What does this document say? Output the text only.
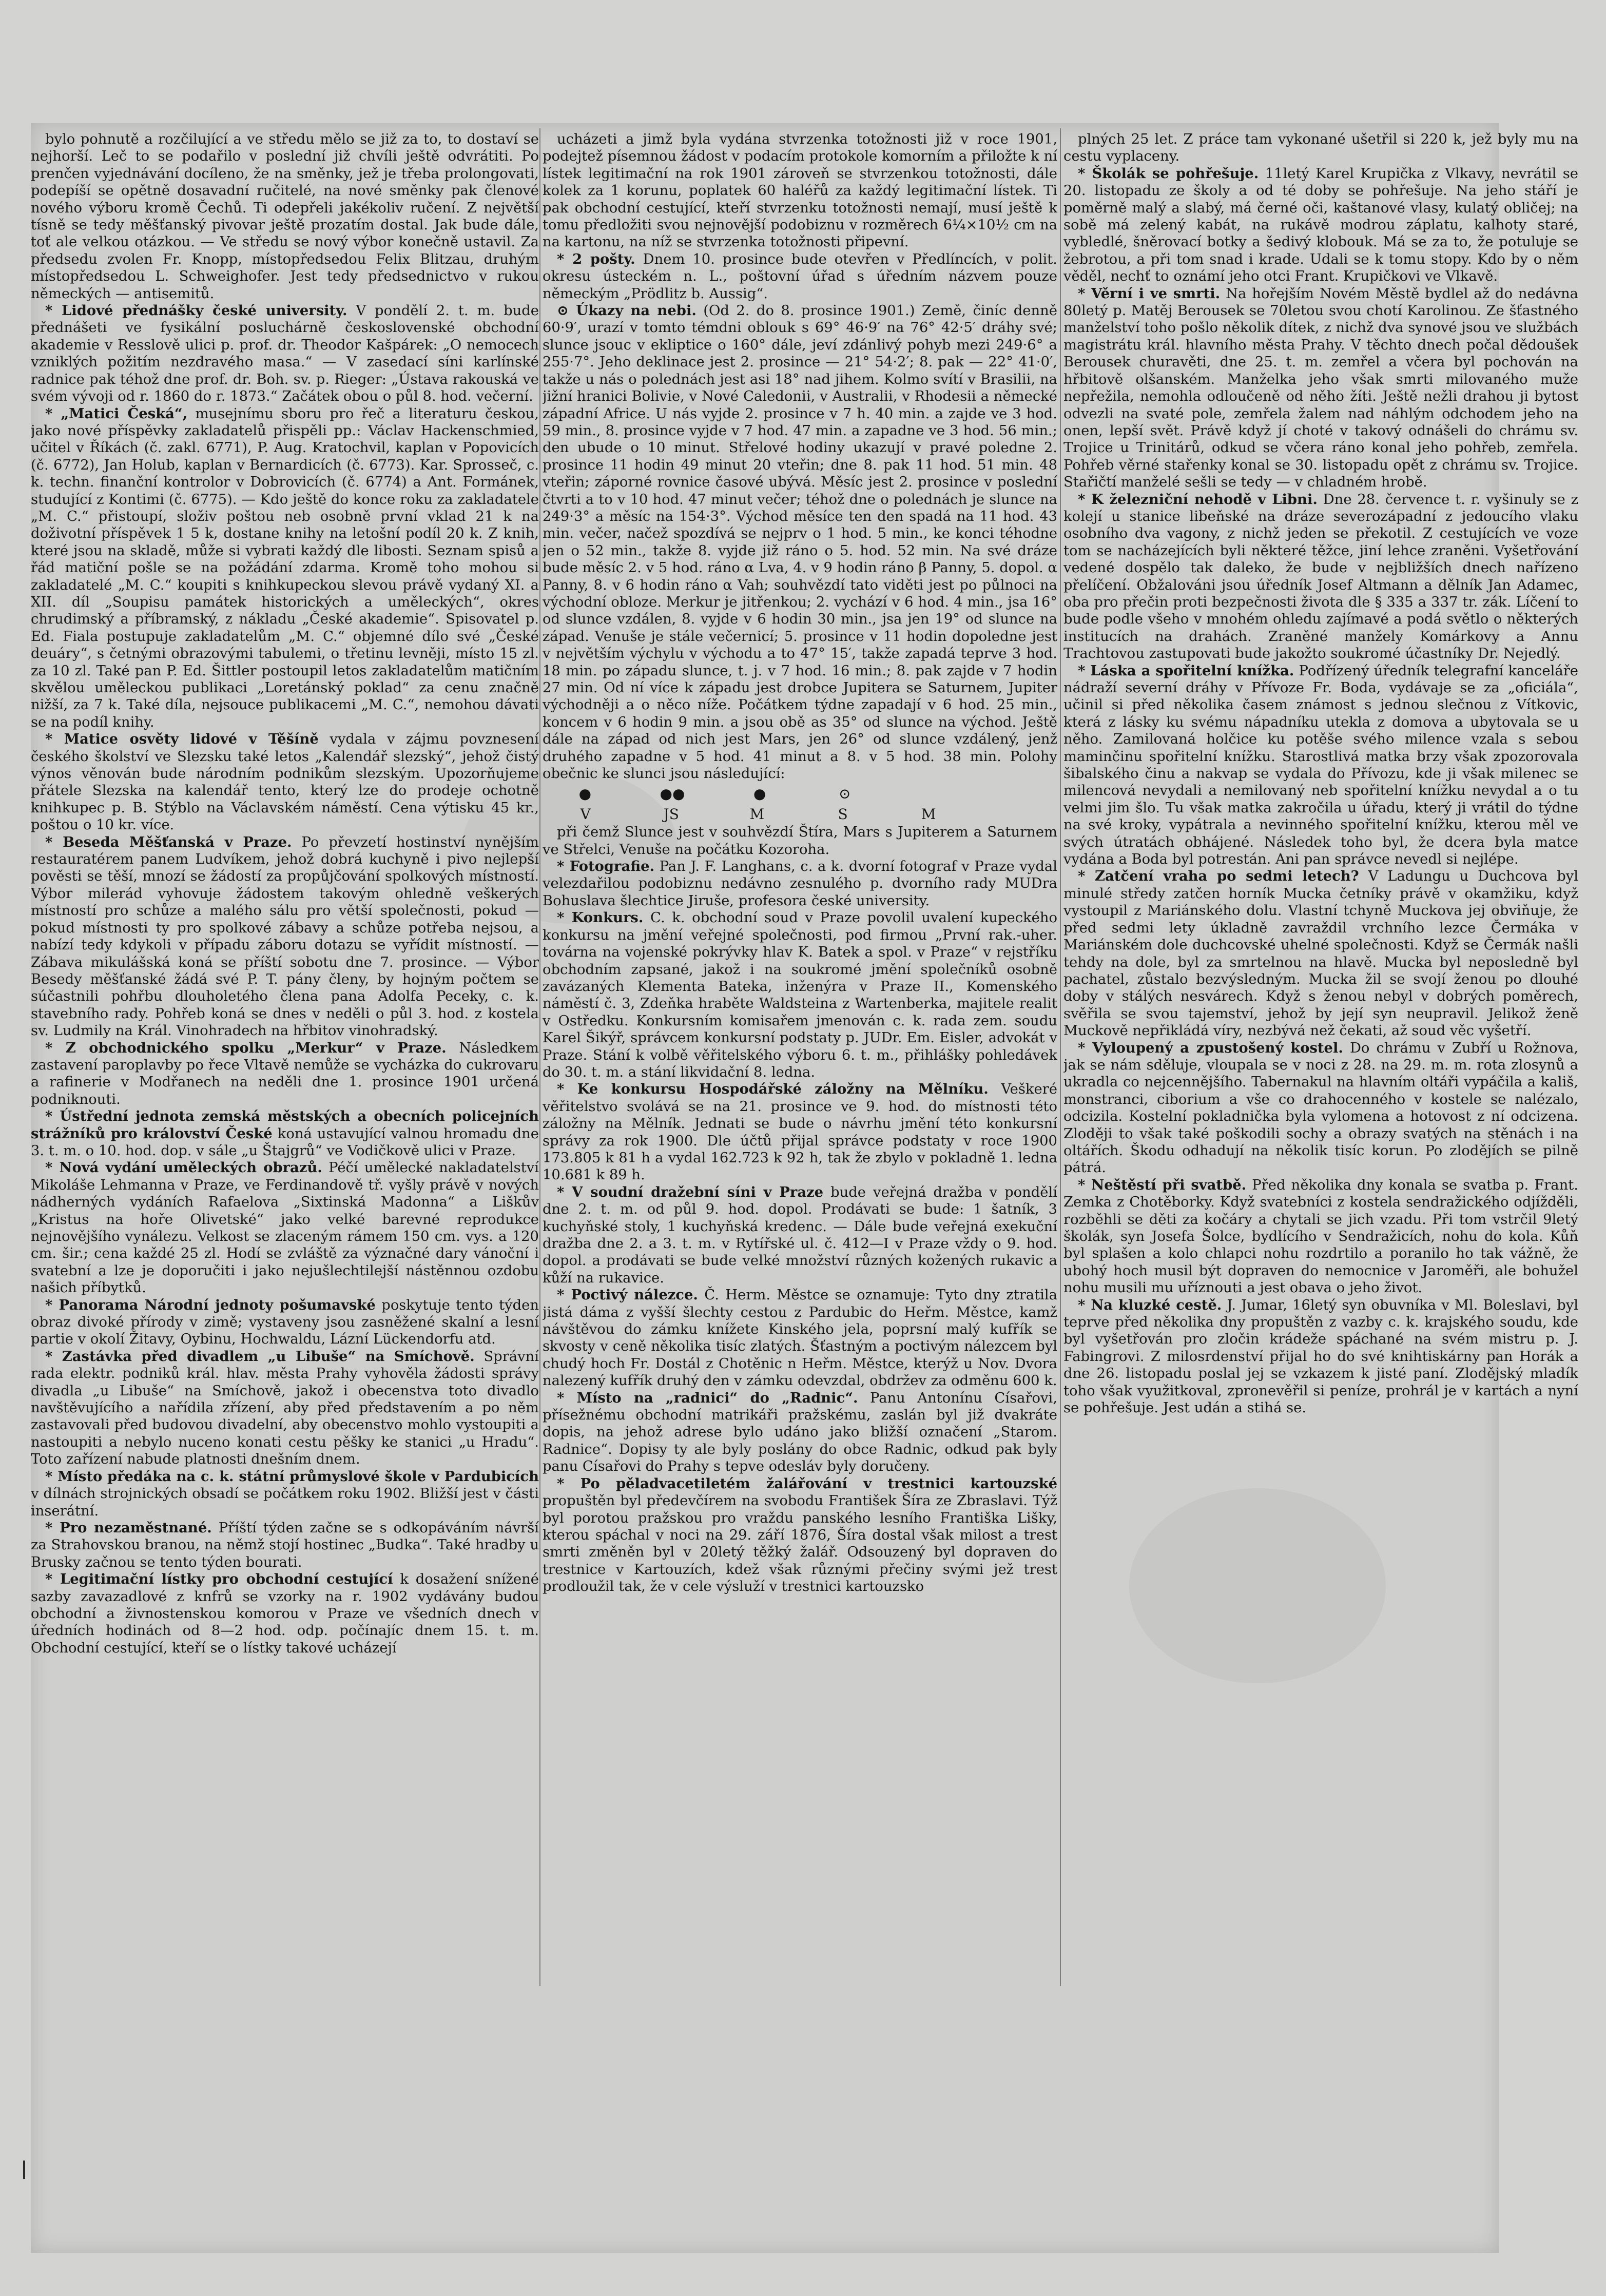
bylo pohnutě a rozčilující a ve středu mělo se již za to, to dostaví se nejhorší. Leč to se podařilo v poslední již chvíli ještě odvrátiti. Po prenčen vyjednávání docíleno, že na směnky, jež je třeba prolongovati, podepíší se opětně dosavadní ručitelé, na nové směnky pak členové nového výboru kromě Čechů. Ti odepřeli jakékoliv ručení. Z největší tísně se tedy měšťanský pivovar ještě prozatím dostal. Jak bude dále, toť ale velkou otázkou. — Ve středu se nový výbor konečně ustavil. Za předsedu zvolen Fr. Knopp, místopředsedou Felix Blitzau, druhým místopředsedou L. Schweighofer. Jest tedy předsednictvo v rukou německých — antisemitů.

* Lidové přednášky české university. V pondělí 2. t. m. bude přednášeti ve fysikální posluchárně československé obchodní akademie v Resslově ulici p. prof. dr. Theodor Kašpárek: „O nemocech vzniklých požitím nezdravého masa.“ — V zasedací síni karlínské radnice pak téhož dne prof. dr. Boh. sv. p. Rieger: „Ústava rakouská ve svém vývoji od r. 1860 do r. 1873.“ Začátek obou o půl 8. hod. večerní.

* „Matici Česká“, musejnímu sboru pro řeč a literaturu českou, jako nové příspěvky zakladatelů přispěli pp.: Václav Hackenschmied, učitel v Říkách (č. zakl. 6771), P. Aug. Kratochvil, kaplan v Popovicích (č. 6772), Jan Holub, kaplan v Bernardicích (č. 6773). Kar. Sprosseč, c. k. techn. finanční kontrolor v Dobrovicích (č. 6774) a Ant. Formánek, studující z Kontimi (č. 6775). — Kdo ještě do konce roku za zakladatele „M. C.“ přistoupí, složiv poštou neb osobně první vklad 21 k na doživotní příspěvek 1 5 k, dostane knihy na letošní podíl 20 k. Z knih, které jsou na skladě, může si vybrati každý dle libosti. Seznam spisů a řád matiční pošle se na požádání zdarma. Kromě toho mohou si zakladatelé „M. C.“ koupiti s knihkupeckou slevou právě vydaný XI. a XII. díl „Soupisu památek historických a uměleckých“, okres chrudimský a příbramský, z nákladu „České akademie“. Spisovatel p. Ed. Fiala postupuje zakladatelům „M. C.“ objemné dílo své „České deuáry“, s četnými obrazovými tabulemi, o třetinu levněji, místo 15 zl. za 10 zl. Také pan P. Ed. Šittler postoupil letos zakladatelům matičním skvělou uměleckou publikaci „Loretánský poklad“ za cenu značně nižší, za 7 k. Také díla, nejsouce publikacemi „M. C.“, nemohou dávati se na podíl knihy.

* Matice osvěty lidové v Těšíně vydala v zájmu povznesení českého školství ve Slezsku také letos „Kalendář slezský“, jehož čistý výnos věnován bude národním podnikům slezským. Upozorňujeme přátele Slezska na kalendář tento, který lze do prodeje ochotně knihkupec p. B. Stýblo na Václavském náměstí. Cena výtisku 45 kr., poštou o 10 kr. více.

* Beseda Měšťanská v Praze. Po převzetí hostinství nynějším restauratérem panem Ludvíkem, jehož dobrá kuchyně i pivo nejlepší pověsti se těší, mnozí se žádostí za propůjčování spolkových místností. Výbor milerád vyhovuje žádostem takovým ohledně veškerých místností pro schůze a malého sálu pro větší společnosti, pokud — pokud místnosti ty pro spolkové zábavy a schůze potřeba nejsou, a nabízí tedy kdykoli v případu záboru dotazu se vyřídit místností. — Zábava mikulášská koná se příští sobotu dne 7. prosince. — Výbor Besedy měšťanské žádá své P. T. pány členy, by hojným počtem se súčastnili pohřbu dlouholetého člena pana Adolfa Peceky, c. k. stavebního rady. Pohřeb koná se dnes v neděli o půl 3. hod. z kostela sv. Ludmily na Král. Vinohradech na hřbitov vinohradský.

* Z obchodnického spolku „Merkur“ v Praze. Následkem zastavení paroplavby po řece Vltavě nemůže se vycházka do cukrovaru a rafinerie v Modřanech na neděli dne 1. prosince 1901 určená podniknouti.

* Ústřední jednota zemská městských a obecních policejních strážníků pro království České koná ustavující valnou hromadu dne 3. t. m. o 10. hod. dop. v sále „u Štajgrů“ ve Vodičkově ulici v Praze.

* Nová vydání uměleckých obrazů. Péčí umělecké nakladatelství Mikoláše Lehmanna v Praze, ve Ferdinandově tř. vyšly právě v nových nádherných vydáních Rafaelova „Sixtinská Madonna“ a Liškův „Kristus na hoře Olivetské“ jako velké barevné reprodukce nejnovějšího vynálezu. Velkost se zlaceným rámem 150 cm. vys. a 120 cm. šir.; cena každé 25 zl. Hodí se zvláště za význačné dary vánoční i svatební a lze je doporučiti i jako nejušlechtilejší nástěnnou ozdobu našich příbytků.

* Panorama Národní jednoty pošumavské poskytuje tento týden obraz divoké přírody v zimě; vystaveny jsou zasněžené skalní a lesní partie v okolí Žitavy, Oybinu, Hochwaldu, Lázní Lückendorfu atd.

* Zastávka před divadlem „u Libuše“ na Smíchově. Správní rada elektr. podniků král. hlav. města Prahy vyhověla žádosti správy divadla „u Libuše“ na Smíchově, jakož i obecenstva toto divadlo navštěvujícího a nařídila zřízení, aby před představením a po něm zastavovali před budovou divadelní, aby obecenstvo mohlo vystoupiti a nastoupiti a nebylo nuceno konati cestu pěšky ke stanici „u Hradu“. Toto zařízení nabude platnosti dnešním dnem.

* Místo předáka na c. k. státní průmyslové škole v Pardubicích v dílnách strojnických obsadí se počátkem roku 1902. Bližší jest v části inserátní.

* Pro nezaměstnané. Příští týden začne se s odkopáváním návrší za Strahovskou branou, na němž stojí hostinec „Budka“. Také hradby u Brusky začnou se tento týden bourati.

* Legitimační lístky pro obchodní cestující k dosažení snížené sazby zavazadlové z knfrů se vzorky na r. 1902 vydávány budou obchodní a živnostenskou komorou v Praze ve všedních dnech v úředních hodinách od 8—2 hod. odp. počínajíc dnem 15. t. m. Obchodní cestující, kteří se o lístky takové ucházejí

ucházeti a jimž byla vydána stvrzenka totožnosti již v roce 1901, podejtež písemnou žádost v podacím protokole komorním a přiložte k ní lístek legitimační na rok 1901 zároveň se stvrzenkou totožnosti, dále kolek za 1 korunu, poplatek 60 haléřů za každý legitimační lístek. Ti pak obchodní cestující, kteří stvrzenku totožnosti nemají, musí ještě k tomu předložiti svou nejnovější podobiznu v rozměrech 6¼×10½ cm na na kartonu, na níž se stvrzenka totožnosti připevní.

* 2 pošty. Dnem 10. prosince bude otevřen v Předlíncích, v polit. okresu ústeckém n. L., poštovní úřad s úředním názvem pouze německým „Prödlitz b. Aussig“.

⊙ Úkazy na nebi. (Od 2. do 8. prosince 1901.) Země, činíc denně 60·9′, urazí v tomto témdni oblouk s 69° 46·9′ na 76° 42·5′ dráhy své; slunce jsouc v ekliptice o 160° dále, jeví zdánlivý pohyb mezi 249·6° a 255·7°. Jeho deklinace jest 2. prosince — 21° 54·2′; 8. pak — 22° 41·0′, takže u nás o polednách jest asi 18° nad jihem. Kolmo svítí v Brasilii, na jižní hranici Bolivie, v Nové Caledonii, v Australii, v Rhodesii a německé západní Africe. U nás vyjde 2. prosince v 7 h. 40 min. a zajde ve 3 hod. 59 min., 8. prosince vyjde v 7 hod. 47 min. a zapadne ve 3 hod. 56 min.; den ubude o 10 minut. Střelové hodiny ukazují v pravé poledne 2. prosince 11 hodin 49 minut 20 vteřin; dne 8. pak 11 hod. 51 min. 48 vteřin; záporné rovnice časové ubývá. Měsíc jest 2. prosince v poslední čtvrti a to v 10 hod. 47 minut večer; téhož dne o polednách je slunce na 249·3° a měsíc na 154·3°. Východ měsíce ten den spadá na 11 hod. 43 min. večer, načež spozdívá se nejprv o 1 hod. 5 min., ke konci téhodne jen o 52 min., takže 8. vyjde již ráno o 5. hod. 52 min. Na své dráze bude měsíc 2. v 5 hod. ráno α Lva, 4. v 9 hodin ráno β Panny, 5. dopol. α Panny, 8. v 6 hodin ráno α Vah; souhvězdí tato viděti jest po půlnoci na východní obloze. Merkur je jitřenkou; 2. vychází v 6 hod. 4 min., jsa 16° od slunce vzdálen, 8. vyjde v 6 hodin 30 min., jsa jen 19° od slunce na západ. Venuše je stále večernicí; 5. prosince v 11 hodin dopoledne jest v největším výchylu v východu a to 47° 15′, takže zapadá teprve 3 hod. 18 min. po západu slunce, t. j. v 7 hod. 16 min.; 8. pak zajde v 7 hodin 27 min. Od ní více k západu jest drobce Jupitera se Saturnem, Jupiter východněji a o něco níže. Počátkem týdne zapadají v 6 hod. 25 min., koncem v 6 hodin 9 min. a jsou obě as 35° od slunce na východ. Ještě dále na západ od nich jest Mars, jen 26° od slunce vzdálený, jenž druhého zapadne v 5 hod. 41 minut a 8. v 5 hod. 38 min. Polohy obečnic ke slunci jsou následující:

●	●●	●	⊙
V	JS	M	S	M

při čemž Slunce jest v souhvězdí Štíra, Mars s Jupiterem a Saturnem ve Střelci, Venuše na počátku Kozoroha.

* Fotografie. Pan J. F. Langhans, c. a k. dvorní fotograf v Praze vydal velezdařilou podobiznu nedávno zesnulého p. dvorního rady MUDra Bohuslava šlechtice Jiruše, profesora české university.

* Konkurs. C. k. obchodní soud v Praze povolil uvalení kupeckého konkursu na jmění veřejné společnosti, pod firmou „První rak.-uher. továrna na vojenské pokrývky hlav K. Batek a spol. v Praze“ v rejstříku obchodním zapsané, jakož i na soukromé jmění společníků osobně zavázaných Klementa Bateka, inženýra v Praze II., Komenského náměstí č. 3, Zdeňka hraběte Waldsteina z Wartenberka, majitele realit v Ostředku. Konkursním komisařem jmenován c. k. rada zem. soudu Karel Šikýř, správcem konkursní podstaty p. JUDr. Em. Eisler, advokát v Praze. Stání k volbě věřitelského výboru 6. t. m., přihlášky pohledávek do 30. t. m. a stání likvidační 8. ledna.

* Ke konkursu Hospodářské záložny na Mělníku. Veškeré věřitelstvo svolává se na 21. prosince ve 9. hod. do místnosti této záložny na Mělník. Jednati se bude o návrhu jmění této konkursní správy za rok 1900. Dle účtů přijal správce podstaty v roce 1900 173.805 k 81 h a vydal 162.723 k 92 h, tak že zbylo v pokladně 1. ledna 10.681 k 89 h.

* V soudní dražební síni v Praze bude veřejná dražba v pondělí dne 2. t. m. od půl 9. hod. dopol. Prodávati se bude: 1 šatník, 3 kuchyňské stoly, 1 kuchyňská kredenc. — Dále bude veřejná exekuční dražba dne 2. a 3. t. m. v Rytířské ul. č. 412—I v Praze vždy o 9. hod. dopol. a prodávati se bude velké množství různých kožených rukavic a kůží na rukavice.

* Poctivý nálezce. Č. Herm. Městce se oznamuje: Tyto dny ztratila jistá dáma z vyšší šlechty cestou z Pardubic do Heřm. Městce, kamž návštěvou do zámku knížete Kinského jela, poprsní malý kufřík se skvosty v ceně několika tisíc zlatých. Šťastným a poctivým nálezcem byl chudý hoch Fr. Dostál z Chotěnic n Heřm. Městce, kterýž u Nov. Dvora nalezený kufřík druhý den v zámku odevzdal, obdržev za odměnu 600 k.

* Místo na „radnici“ do „Radnic“. Panu Antonínu Císařovi, přísežnému obchodní matrikáři pražskému, zaslán byl již dvakráte dopis, na jehož adrese bylo udáno jako bližší označení „Starom. Radnice“. Dopisy ty ale byly poslány do obce Radnic, odkud pak byly panu Císařovi do Prahy s tepve odesláv byly doručeny.

* Po pěladvacetiletém žalářování v trestnici kartouzské propuštěn byl předevčírem na svobodu František Šíra ze Zbraslavi. Týž byl porotou pražskou pro vraždu panského lesního Františka Lišky, kterou spáchal v noci na 29. září 1876, Šíra dostal však milost a trest smrti změněn byl v 20letý těžký žalář. Odsouzený byl dopraven do trestnice v Kartouzích, kdež však různými přečiny svými jež trest prodloužil tak, že v cele výsluží v trestnici kartouzsko

plných 25 let. Z práce tam vykonané ušetřil si 220 k, jež byly mu na cestu vyplaceny.

* Školák se pohřešuje. 11letý Karel Krupička z Vlkavy, nevrátil se 20. listopadu ze školy a od té doby se pohřešuje. Na jeho stáří je poměrně malý a slabý, má černé oči, kaštanové vlasy, kulatý obličej; na sobě má zelený kabát, na rukávě modrou záplatu, kalhoty staré, vybledlé, šněrovací botky a šedivý klobouk. Má se za to, že potuluje se žebrotou, a při tom snad i krade. Udali se k tomu stopy. Kdo by o něm věděl, nechť to oznámí jeho otci Frant. Krupičkovi ve Vlkavě.

* Věrní i ve smrti. Na hořejším Novém Městě bydlel až do nedávna 80letý p. Matěj Berousek se 70letou svou chotí Karolinou. Ze šťastného manželství toho pošlo několik dítek, z nichž dva synové jsou ve službách magistrátu král. hlavního města Prahy. V těchto dnech počal dědoušek Berousek churavěti, dne 25. t. m. zemřel a včera byl pochován na hřbitově olšanském. Manželka jeho však smrti milovaného muže nepřežila, nemohla odloučeně od něho žíti. Ještě nežli drahou ji bytost odvezli na svaté pole, zemřela žalem nad náhlým odchodem jeho na onen, lepší svět. Právě když jí choté v takový odnášeli do chrámu sv. Trojice u Trinitárů, odkud se včera ráno konal jeho pohřeb, zemřela. Pohřeb věrné stařenky konal se 30. listopadu opět z chrámu sv. Trojice. Stařičtí manželé sešli se tedy — v chladném hrobě.

* K železniční nehodě v Libni. Dne 28. července t. r. vyšinuly se z kolejí u stanice libeňské na dráze severozápadní z jedoucího vlaku osobního dva vagony, z nichž jeden se překotil. Z cestujících ve voze tom se nacházejících byli některé těžce, jiní lehce zraněni. Vyšetřování vedené dospělo tak daleko, že bude v nejbližších dnech nařízeno přelíčení. Obžalováni jsou úředník Josef Altmann a dělník Jan Adamec, oba pro přečin proti bezpečnosti života dle § 335 a 337 tr. zák. Líčení to bude podle všeho v mnohém ohledu zajímavé a podá světlo o některých institucích na drahách. Zraněné manžely Komárkovy a Annu Trachtovou zastupovati bude jakožto soukromé účastníky Dr. Nejedlý.

* Láska a spořitelní knížka. Podřízený úředník telegrafní kanceláře nádraží severní dráhy v Přívoze Fr. Boda, vydávaje se za „oficiála“, učinil si před několika časem známost s jednou slečnou z Vítkovic, která z lásky ku svému nápadníku utekla z domova a ubytovala se u něho. Zamilovaná holčice ku potěše svého milence vzala s sebou maminčinu spořitelní knížku. Starostlivá matka brzy však zpozorovala šibalského činu a nakvap se vydala do Přívozu, kde ji však milenec se milencová nevydali a nemilovaný neb spořitelní knížku nevydal a o tu velmi jim šlo. Tu však matka zakročila u úřadu, který ji vrátil do týdne na své kroky, vypátrala a nevinného spořitelní knížku, kterou měl ve svých útratách obhájené. Následek toho byl, že dcera byla matce vydána a Boda byl potrestán. Ani pan správce nevedl si nejlépe.

* Zatčení vraha po sedmi letech? V Ladungu u Duchcova byl minulé středy zatčen horník Mucka četníky právě v okamžiku, když vystoupil z Mariánského dolu. Vlastní tchyně Muckova jej obviňuje, že před sedmi lety úkladně zavraždil vrchního lezce Čermáka v Mariánském dole duchcovské uhelné společnosti. Když se Čermák našli tehdy na dole, byl za smrtelnou na hlavě. Mucka byl neposledně byl pachatel, zůstalo bezvýsledným. Mucka žil se svojí ženou po dlouhé doby v stálých nesvárech. Když s ženou nebyl v dobrých poměrech, svěřila se svou tajemství, jehož by její syn neupravil. Jelikož ženě Muckově nepřikládá víry, nezbývá než čekati, až soud věc vyšetří.

* Vyloupený a zpustošený kostel. Do chrámu v Zubří u Rožnova, jak se nám sděluje, vloupala se v noci z 28. na 29. m. m. rota zlosynů a ukradla co nejcennějšího. Tabernakul na hlavním oltáři vypáčila a kališ, monstranci, ciborium a vše co drahocenného v kostele se nalézalo, odcizila. Kostelní pokladnička byla vylomena a hotovost z ní odcizena. Zloději to však také poškodili sochy a obrazy svatých na stěnách i na oltářích. Škodu odhadují na několik tisíc korun. Po zlodějích se pilně pátrá.

* Neštěstí při svatbě. Před několika dny konala se svatba p. Frant. Zemka z Chotěborky. Když svatebníci z kostela sendražického odjížděli, rozběhli se děti za kočáry a chytali se jich vzadu. Při tom vstrčil 9letý školák, syn Josefa Šolce, bydlícího v Sendražicích, nohu do kola. Kůň byl splašen a kolo chlapci nohu rozdrtilo a poranilo ho tak vážně, že ubohý hoch musil být dopraven do nemocnice v Jaroměři, ale bohužel nohu musili mu uříznouti a jest obava o jeho život.

* Na kluzké cestě. J. Jumar, 16letý syn obuvníka v Ml. Boleslavi, byl teprve před několika dny propuštěn z vazby c. k. krajského soudu, kde byl vyšetřován pro zločin krádeže spáchané na svém mistru p. J. Fabingrovi. Z milosrdenství přijal ho do své knihtiskárny pan Horák a dne 26. listopadu poslal jej se vzkazem k jisté paní. Zlodějský mladík toho však využitkoval, zpronevěřil si peníze, prohrál je v kartách a nyní se pohřešuje. Jest udán a stihá se.
